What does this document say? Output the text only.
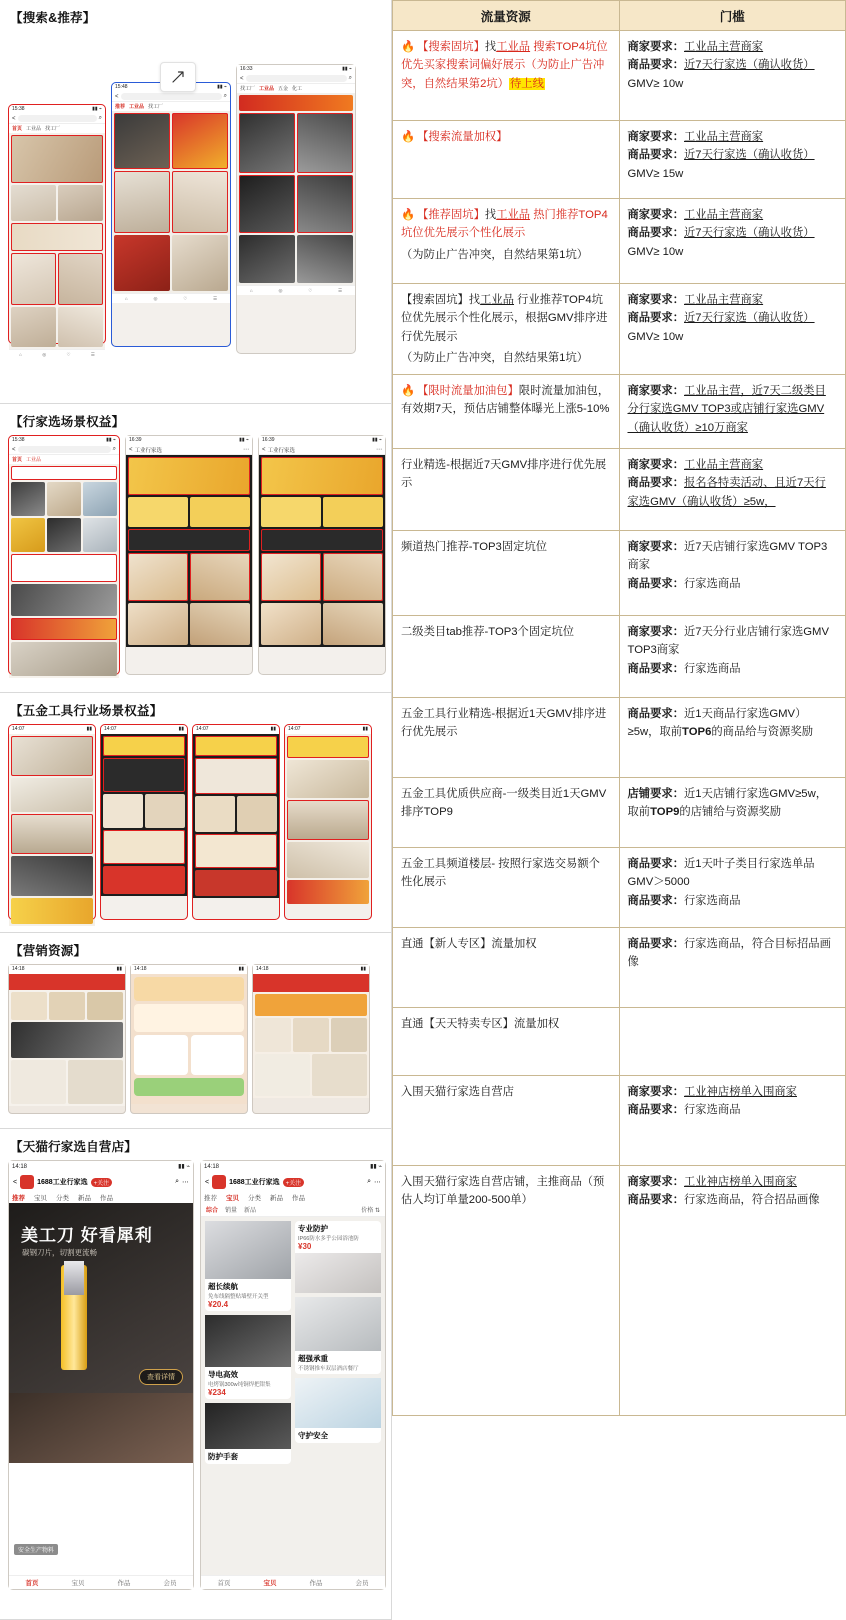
【搜索&推荐】
15:38	▮▮ ⌁
<	⌕
首页 工业品 找工厂
⌂	◎	♡	☰
15:48	▮▮ ⌁
<	⌕
推荐 工业品 找工厂
⌂	◎	♡	☰
16:33	▮▮ ⌁
<	⌕
找工厂 工业品 五金 化工
⌂	◎	♡	☰
【行家选场景权益】
15:38	▮▮ ⌁
<	⌕
首页 工业品
16:39	▮▮ ⌁
< 工业行家选	⋯
16:39	▮▮ ⌁
< 工业行家选	⋯
【五金工具行业场景权益】
14:07	▮▮ 14:07	▮▮ 14:07	▮▮ 14:07	▮▮
【营销资源】
14:18	▮▮ 14:18	▮▮ 14:18	▮▮
【天猫行家选自营店】
14:18	▮▮ ⌁
<	1688工业行家选	+关注	⌕ ⋯
推荐 宝贝 分类 新品 作品
美工刀 好看犀利
碳钢刀片，切割更流畅
查看详情
安全生产物料
首页	宝贝	作品	会员
14:18	▮▮ ⌁
<	1688工业行家选	+关注	⌕ ⋯
推荐 宝贝 分类 新品 作品
综合 销量 新品	价格 ⇅
超长续航
免布线隔整贴墙壁开关型
¥20.4
导电高效
电烤锅300w纯铜焊把钳集
¥234
防护手套
专业防护
IP66防水多乎公园浴池防
¥30
超强承重
不锈钢推车双层酒店餐厅
守护安全
首页	宝贝	作品	会员
流量资源	门槛
🔥 【搜索固坑】找工业品 搜索TOP4坑位优先买家搜索词偏好展示（为防止广告冲突，自然结果第2坑）待上线	商家要求：工业品主营商家
商品要求：近7天行家选（确认收货）
GMV≥ 10w

🔥 【搜索流量加权】	商家要求：工业品主营商家
商品要求：近7天行家选（确认收货）
GMV≥ 15w

🔥 【推荐固坑】找工业品 热门推荐TOP4坑位优先展示个性化展示
（为防止广告冲突，自然结果第1坑）

商家要求：工业品主营商家
商品要求：近7天行家选（确认收货）
GMV≥ 10w

【搜索固坑】找工业品 行业推荐TOP4坑位优先展示个性化展示，根据GMV排序进行优先展示
（为防止广告冲突，自然结果第1坑）

商家要求：工业品主营商家
商品要求：近7天行家选（确认收货）
GMV≥ 10w

🔥 【限时流量加油包】限时流量加油包，有效期7天，预估店铺整体曝光上涨5-10%	商家要求：工业品主营，近7天二级类目分行家选GMV TOP3或店铺行家选GMV（确认收货）≥10万商家

行业精选-根据近7天GMV排序进行优先展示	商家要求：工业品主营商家
商品要求：报名各特卖活动、且近7天行家选GMV（确认收货）≥5w，

频道热门推荐-TOP3固定坑位	商家要求：近7天店铺行家选GMV TOP3商家
商品要求：行家选商品

二级类目tab推荐-TOP3个固定坑位	商家要求：近7天分行业店铺行家选GMV TOP3商家
商品要求：行家选商品

五金工具行业精选-根据近1天GMV排序进行优先展示	商品要求：近1天商品行家选GMV）≥5w，取前TOP6的商品给与资源奖励

五金工具优质供应商-一级类目近1天GMV排序TOP9	店铺要求：近1天店铺行家选GMV≥5w，取前TOP9的店铺给与资源奖励

五金工具频道楼层- 按照行家选交易额个性化展示	商品要求：近1天叶子类目行家选单品GMV＞5000
商品要求：行家选商品

直通【新人专区】流量加权	商品要求：行家选商品，符合目标招品画像

直通【天天特卖专区】流量加权	
入围天猫行家选自营店	商家要求：工业神店榜单入围商家
商品要求：行家选商品

入围天猫行家选自营店铺，主推商品（预估人均订单量200-500单）	商家要求：工业神店榜单入围商家
商品要求：行家选商品，符合招品画像
